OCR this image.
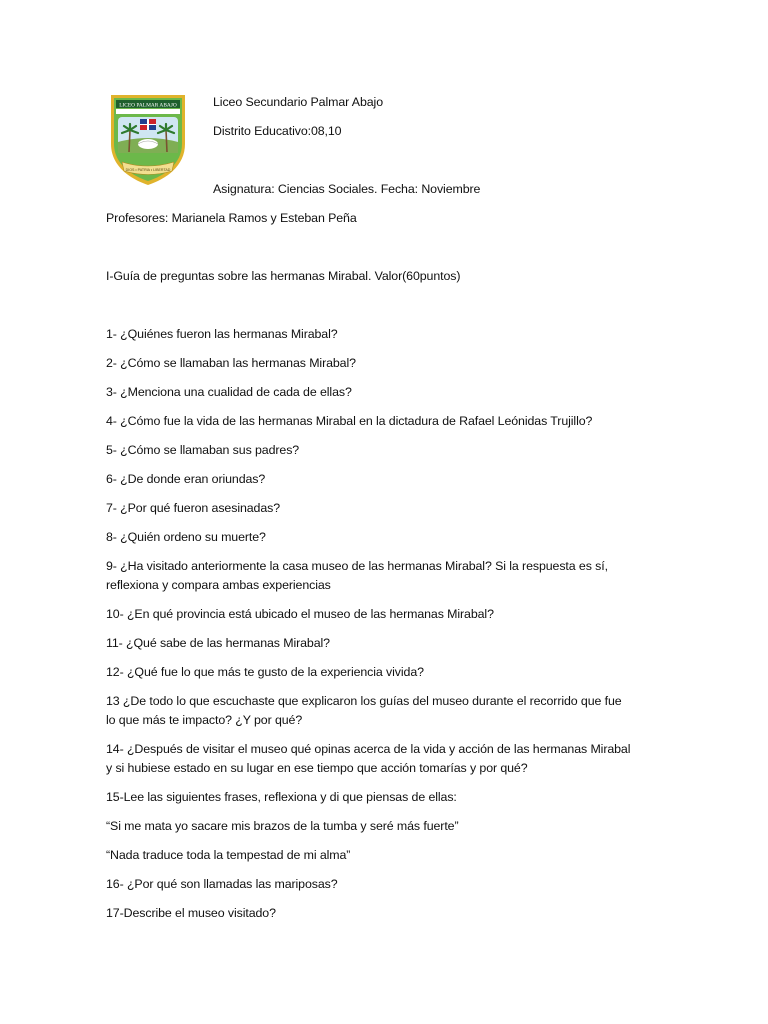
LICEO PALMAR ABAJO
DIOS • PATRIA • LIBERTAD
Liceo Secundario Palmar Abajo
Distrito Educativo:08,10
Asignatura: Ciencias Sociales. Fecha: Noviembre
Profesores: Marianela Ramos y Esteban Peña
I-Guía de preguntas sobre las hermanas Mirabal. Valor(60puntos)
1- ¿Quiénes fueron las hermanas Mirabal?
2- ¿Cómo se llamaban las hermanas Mirabal?
3- ¿Menciona una cualidad de cada de ellas?
4- ¿Cómo fue la vida de las hermanas Mirabal en la dictadura de Rafael Leónidas Trujillo?
5- ¿Cómo se llamaban sus padres?
6- ¿De donde eran oriundas?
7- ¿Por qué fueron asesinadas?
8- ¿Quién ordeno su muerte?
9- ¿Ha visitado anteriormente la casa museo de las hermanas Mirabal? Si la respuesta es sí,
reflexiona y compara ambas experiencias
10- ¿En qué provincia está ubicado el museo de las hermanas Mirabal?
11- ¿Qué sabe de las hermanas Mirabal?
12- ¿Qué fue lo que más te gusto de la experiencia vivida?
13 ¿De todo lo que escuchaste que explicaron los guías del museo durante el recorrido que fue
lo que más te impacto? ¿Y por qué?
14- ¿Después de visitar el museo qué opinas acerca de la vida y acción de las hermanas Mirabal
y si hubiese estado en su lugar en ese tiempo que acción tomarías y por qué?
15-Lee las siguientes frases, reflexiona y di que piensas de ellas:
“Si me mata yo sacare mis brazos de la tumba y seré más fuerte”
“Nada traduce toda la tempestad de mi alma”
16- ¿Por qué son llamadas las mariposas?
17-Describe el museo visitado?
